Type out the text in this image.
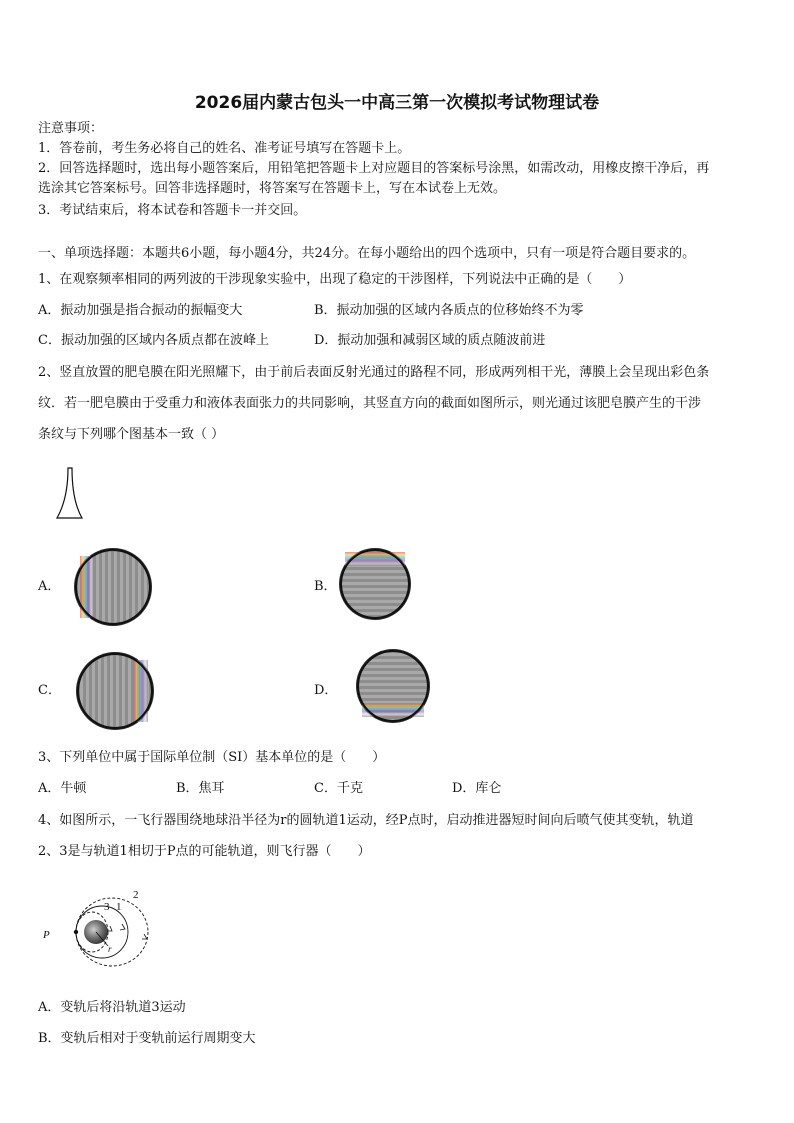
2026届内蒙古包头一中高三第一次模拟考试物理试卷
注意事项：
1．答卷前，考生务必将自己的姓名、准考证号填写在答题卡上。
2．回答选择题时，选出每小题答案后，用铅笔把答题卡上对应题目的答案标号涂黑，如需改动，用橡皮擦干净后，再
选涂其它答案标号。回答非选择题时，将答案写在答题卡上，写在本试卷上无效。
3．考试结束后，将本试卷和答题卡一并交回。
一、单项选择题：本题共6小题，每小题4分，共24分。在每小题给出的四个选项中，只有一项是符合题目要求的。
1、在观察频率相同的两列波的干涉现象实验中，出现了稳定的干涉图样，下列说法中正确的是（　　）
A．振动加强是指合振动的振幅变大	B．振动加强的区域内各质点的位移始终不为零
C．振动加强的区域内各质点都在波峰上	D．振动加强和减弱区域的质点随波前进
2、竖直放置的肥皂膜在阳光照耀下，由于前后表面反射光通过的路程不同，形成两列相干光，薄膜上会呈现出彩色条
纹．若一肥皂膜由于受重力和液体表面张力的共同影响，其竖直方向的截面如图所示，则光通过该肥皂膜产生的干涉
条纹与下列哪个图基本一致（ ）
A．	B．
C．	D．
3、下列单位中属于国际单位制（SI）基本单位的是（　　）
A．牛顿	B．焦耳	C．千克	D．库仑
4、如图所示，一飞行器围绕地球沿半径为r的圆轨道1运动，经P点时，启动推进器短时间向后喷气使其变轨，轨道
2、3是与轨道1相切于P点的可能轨道，则飞行器（　　）
2
3 1
P
r
A．变轨后将沿轨道3运动
B．变轨后相对于变轨前运行周期变大
